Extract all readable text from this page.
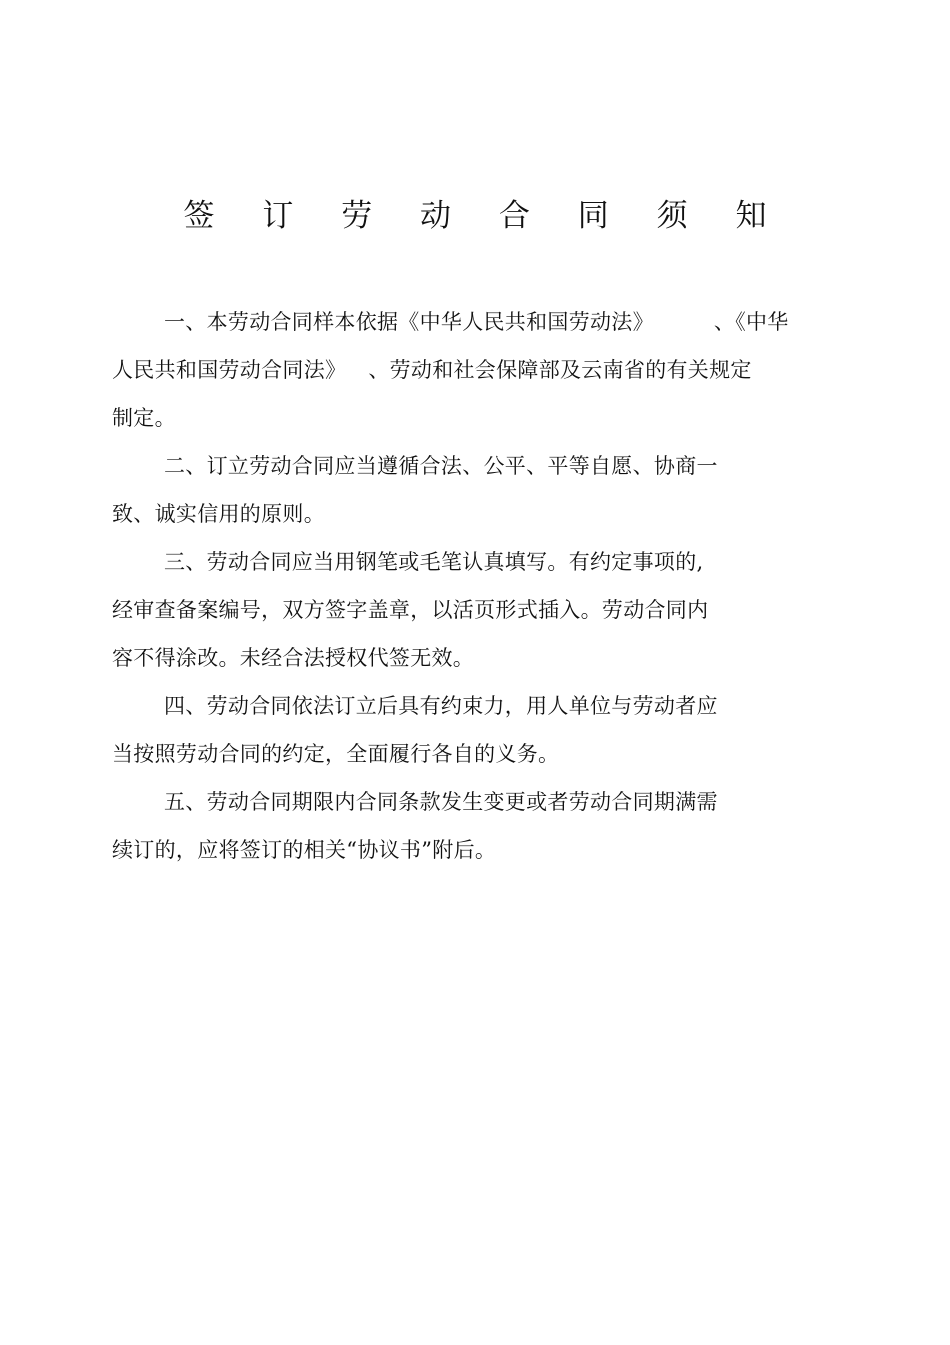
签 订 劳 动 合 同 须 知
一、本劳动合同样本依据《中华人民共和国劳动法》	、《中华
人民共和国劳动合同法》 、劳动和社会保障部及云南省的有关规定
制定。
二、订立劳动合同应当遵循合法、公平、平等自愿、协商一
致、诚实信用的原则。
三、劳动合同应当用钢笔或毛笔认真填写。有约定事项的,
经审查备案编号，双方签字盖章，以活页形式插入。劳动合同内
容不得涂改。未经合法授权代签无效。
四、劳动合同依法订立后具有约束力，用人单位与劳动者应
当按照劳动合同的约定，全面履行各自的义务。
五、劳动合同期限内合同条款发生变更或者劳动合同期满需
续订的，应将签订的相关“协议书”附后。
